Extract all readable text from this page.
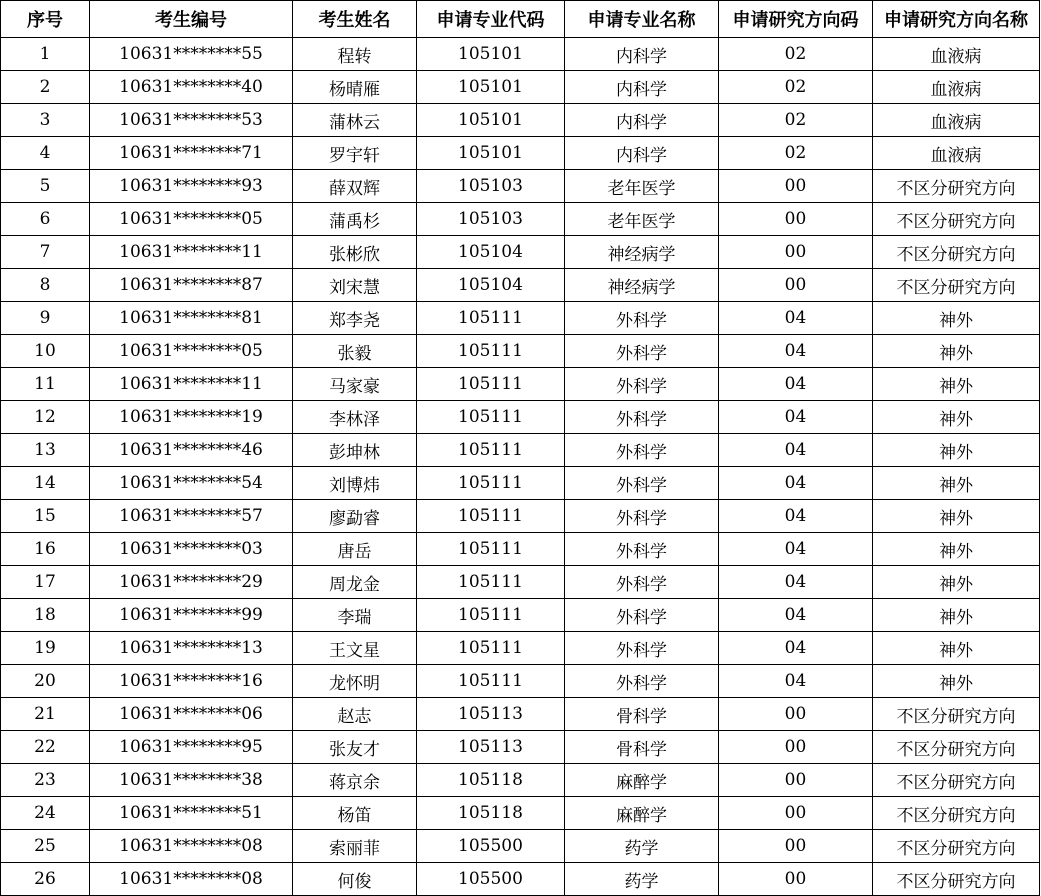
序号	考生编号	考生姓名	申请专业代码	申请专业名称	申请研究方向码	申请研究方向名称
1	10631********55	程转	105101	内科学	02	血液病
2	10631********40	杨晴雁	105101	内科学	02	血液病
3	10631********53	蒲林云	105101	内科学	02	血液病
4	10631********71	罗宇轩	105101	内科学	02	血液病
5	10631********93	薛双辉	105103	老年医学	00	不区分研究方向
6	10631********05	蒲禹杉	105103	老年医学	00	不区分研究方向
7	10631********11	张彬欣	105104	神经病学	00	不区分研究方向
8	10631********87	刘宋慧	105104	神经病学	00	不区分研究方向
9	10631********81	郑李尧	105111	外科学	04	神外
10	10631********05	张毅	105111	外科学	04	神外
11	10631********11	马家豪	105111	外科学	04	神外
12	10631********19	李林泽	105111	外科学	04	神外
13	10631********46	彭坤林	105111	外科学	04	神外
14	10631********54	刘博炜	105111	外科学	04	神外
15	10631********57	廖勐睿	105111	外科学	04	神外
16	10631********03	唐岳	105111	外科学	04	神外
17	10631********29	周龙金	105111	外科学	04	神外
18	10631********99	李瑞	105111	外科学	04	神外
19	10631********13	王文星	105111	外科学	04	神外
20	10631********16	龙怀明	105111	外科学	04	神外
21	10631********06	赵志	105113	骨科学	00	不区分研究方向
22	10631********95	张友才	105113	骨科学	00	不区分研究方向
23	10631********38	蒋京余	105118	麻醉学	00	不区分研究方向
24	10631********51	杨笛	105118	麻醉学	00	不区分研究方向
25	10631********08	索丽菲	105500	药学	00	不区分研究方向
26	10631********08	何俊	105500	药学	00	不区分研究方向
